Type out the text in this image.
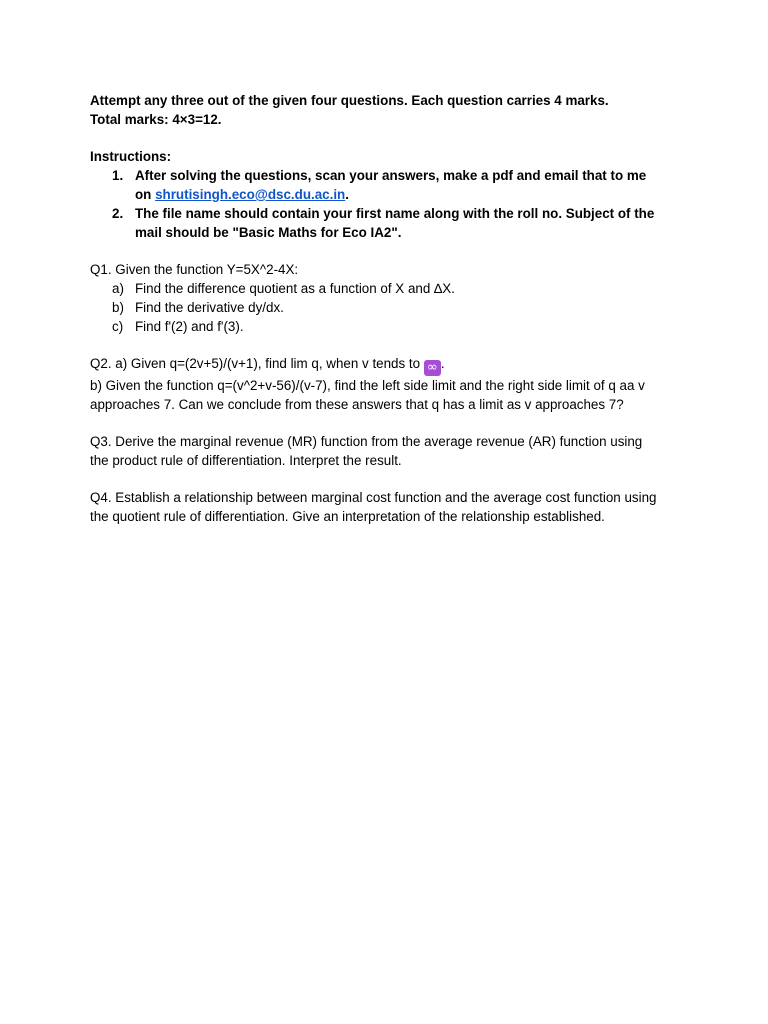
Attempt any three out of the given four questions. Each question carries 4 marks.
Total marks: 4×3=12.
Instructions:
1. After solving the questions, scan your answers, make a pdf and email that to me
on shrutisingh.eco@dsc.du.ac.in.
2. The file name should contain your first name along with the roll no. Subject of the
mail should be "Basic Maths for Eco IA2".
Q1. Given the function Y=5X^2-4X:
a) Find the difference quotient as a function of X and ∆X.
b) Find the derivative dy/dx.
c) Find f'(2) and f'(3).
Q2. a) Given q=(2v+5)/(v+1), find lim q, when v tends to ∞ .
b) Given the function q=(v^2+v-56)/(v-7), find the left side limit and the right side limit of q aa v
approaches 7. Can we conclude from these answers that q has a limit as v approaches 7?
Q3. Derive the marginal revenue (MR) function from the average revenue (AR) function using
the product rule of differentiation. Interpret the result.
Q4. Establish a relationship between marginal cost function and the average cost function using
the quotient rule of differentiation. Give an interpretation of the relationship established.
